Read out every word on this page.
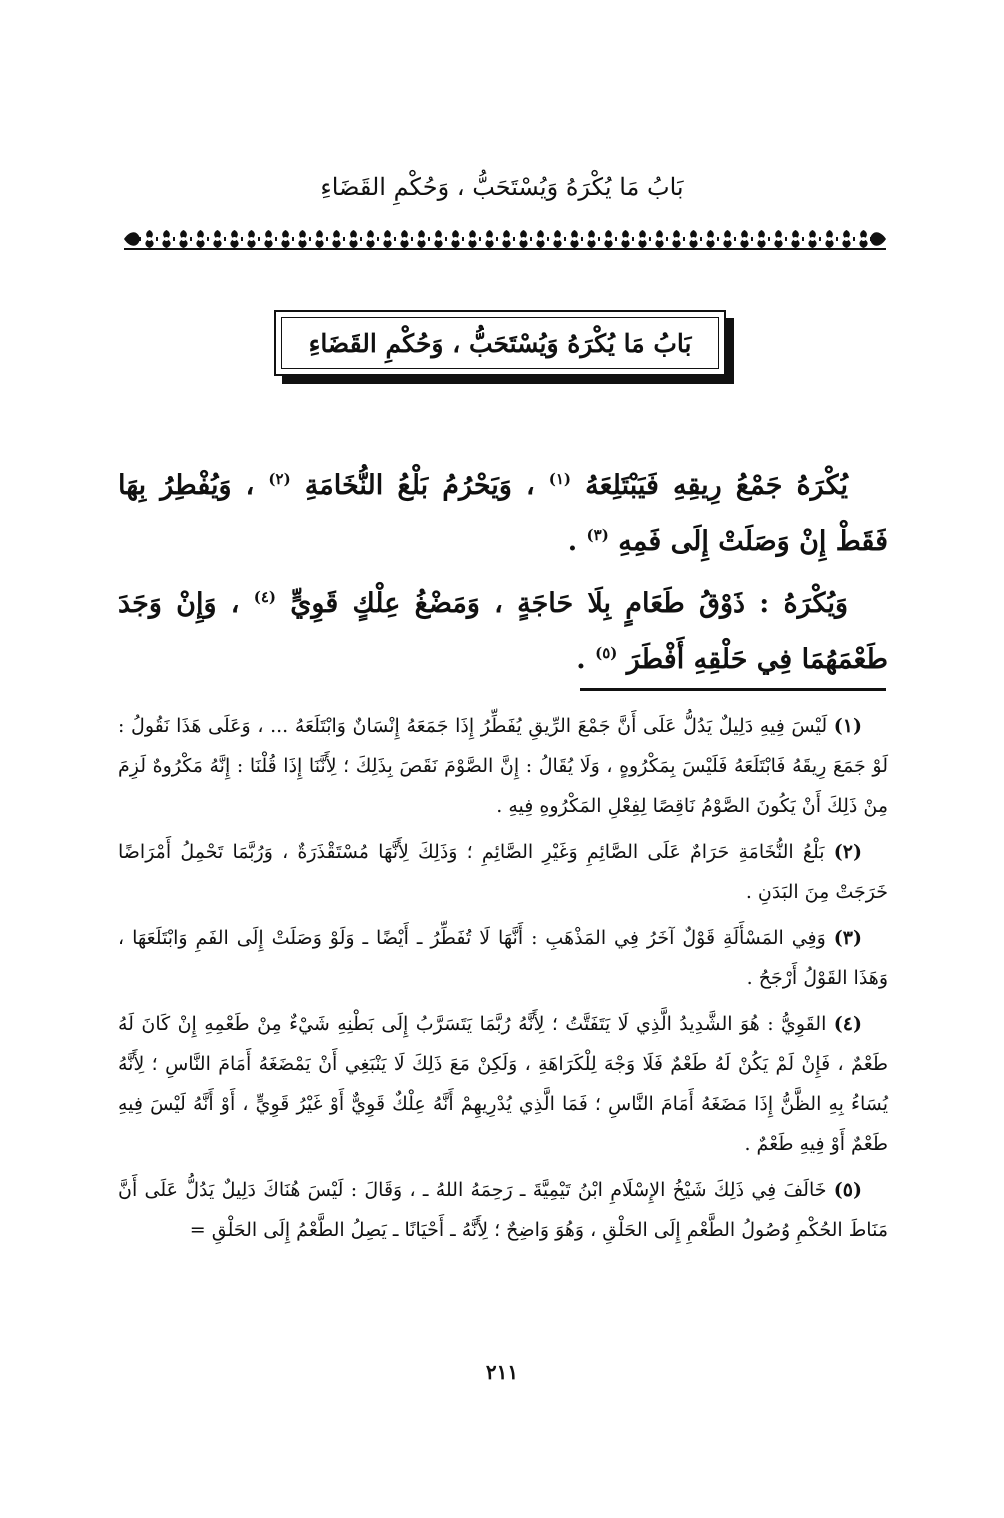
بَابُ مَا يُكْرَهُ وَيُسْتَحَبُّ ، وَحُكْمِ القَضَاءِ
بَابُ مَا يُكْرَهُ وَيُسْتَحَبُّ ، وَحُكْمِ القَضَاءِ

يُكْرَهُ جَمْعُ رِيقِهِ فَيَبْتَلِعَهُ $^{(١)}$ ، وَيَحْرُمُ بَلْعُ النُّخَامَةِ $^{(٢)}$ ، وَيُفْطِرُ بِهَا فَقَطْ إِنْ وَصَلَتْ إِلَى فَمِهِ $^{(٣)}$ .

وَيُكْرَهُ : ذَوْقُ طَعَامٍ بِلَا حَاجَةٍ ، وَمَضْغُ عِلْكٍ قَوِيٍّ $^{(٤)}$ ، وَإِنْ وَجَدَ طَعْمَهُمَا فِي حَلْقِهِ أَفْطَرَ $^{(٥)}$ .

(١) لَيْسَ فِيهِ دَلِيلٌ يَدُلُّ عَلَى أَنَّ جَمْعَ الرِّيقِ يُفَطِّرُ إِذَا جَمَعَهُ إِنْسَانٌ وَابْتَلَعَهُ ... ، وَعَلَى هَذَا نَقُولُ : لَوْ جَمَعَ رِيقَهُ فَابْتَلَعَهُ فَلَيْسَ بِمَكْرُوهٍ ، وَلَا يُقَالُ : إِنَّ الصَّوْمَ نَقَصَ بِذَلِكَ ؛ لِأَنَّنَا إِذَا قُلْنَا : إِنَّهُ مَكْرُوهٌ لَزِمَ مِنْ ذَلِكَ أَنْ يَكُونَ الصَّوْمُ نَاقِصًا لِفِعْلِ المَكْرُوهِ فِيهِ .

(٢) بَلْعُ النُّخَامَةِ حَرَامٌ عَلَى الصَّائِمِ وَغَيْرِ الصَّائِمِ ؛ وَذَلِكَ لِأَنَّهَا مُسْتَقْذَرَةٌ ، وَرُبَّمَا تَحْمِلُ أَمْرَاضًا خَرَجَتْ مِنَ البَدَنِ .

(٣) وَفِي المَسْأَلَةِ قَوْلٌ آخَرُ فِي المَذْهَبِ : أَنَّهَا لَا تُفَطِّرُ ـ أَيْضًا ـ وَلَوْ وَصَلَتْ إِلَى الفَمِ وَابْتَلَعَهَا ، وَهَذَا القَوْلُ أَرْجَحُ .

(٤) القَوِيُّ : هُوَ الشَّدِيدُ الَّذِي لَا يَتَفَتَّتُ ؛ لِأَنَّهُ رُبَّمَا يَتَسَرَّبُ إِلَى بَطْنِهِ شَيْءٌ مِنْ طَعْمِهِ إِنْ كَانَ لَهُ طَعْمٌ ، فَإِنْ لَمْ يَكُنْ لَهُ طَعْمٌ فَلَا وَجْهَ لِلْكَرَاهَةِ ، وَلَكِنْ مَعَ ذَلِكَ لَا يَنْبَغِي أَنْ يَمْضَغَهُ أَمَامَ النَّاسِ ؛ لِأَنَّهُ يُسَاءُ بِهِ الظَّنُّ إِذَا مَضَغَهُ أَمَامَ النَّاسِ ؛ فَمَا الَّذِي يُدْرِيهِمْ أَنَّهُ عِلْكٌ قَوِيٌّ أَوْ غَيْرُ قَوِيٍّ ، أَوْ أَنَّهُ لَيْسَ فِيهِ طَعْمٌ أَوْ فِيهِ طَعْمٌ .

(٥) خَالَفَ فِي ذَلِكَ شَيْخُ الإِسْلَامِ ابْنُ تَيْمِيَّةَ ـ رَحِمَهُ اللهُ ـ ، وَقَالَ : لَيْسَ هُنَاكَ دَلِيلٌ يَدُلُّ عَلَى أَنَّ مَنَاطَ الحُكْمِ وُصُولُ الطَّعْمِ إِلَى الحَلْقِ ، وَهُوَ وَاضِحٌ ؛ لِأَنَّهُ ـ أَحْيَانًا ـ يَصِلُ الطَّعْمُ إِلَى الحَلْقِ =

٢١١
